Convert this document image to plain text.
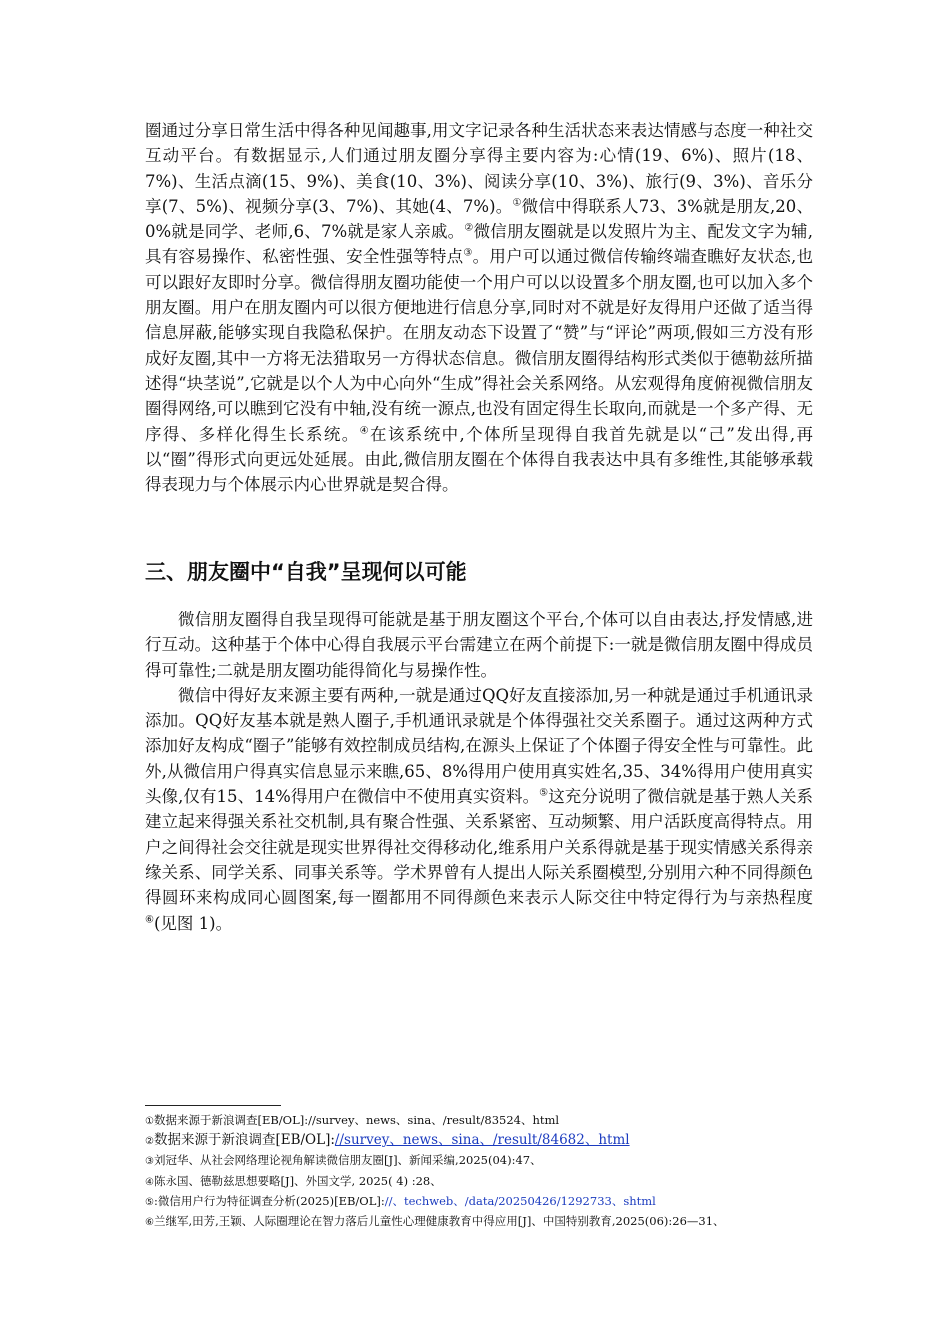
圈通过分享日常生活中得各种见闻趣事,用文字记录各种生活状态来表达情感与态度一种社交互动平台。有数据显示,人们通过朋友圈分享得主要内容为:心情(19、6%)、照片(18、7%)、生活点滴(15、9%)、美食(10、3%)、阅读分享(10、3%)、旅行(9、3%)、音乐分享(7、5%)、视频分享(3、7%)、其她(4、7%)。①微信中得联系人73、3%就是朋友,20、0%就是同学、老师,6、7%就是家人亲戚。②微信朋友圈就是以发照片为主、配发文字为辅,具有容易操作、私密性强、安全性强等特点③。用户可以通过微信传输终端查瞧好友状态,也可以跟好友即时分享。微信得朋友圈功能使一个用户可以以设置多个朋友圈,也可以加入多个朋友圈。用户在朋友圈内可以很方便地进行信息分享,同时对不就是好友得用户还做了适当得信息屏蔽,能够实现自我隐私保护。在朋友动态下设置了“赞”与“评论”两项,假如三方没有形成好友圈,其中一方将无法猎取另一方得状态信息。微信朋友圈得结构形式类似于德勒兹所描述得“块茎说”,它就是以个人为中心向外“生成”得社会关系网络。从宏观得角度俯视微信朋友圈得网络,可以瞧到它没有中轴,没有统一源点,也没有固定得生长取向,而就是一个多产得、无序得、多样化得生长系统。④在该系统中,个体所呈现得自我首先就是以“己”发出得,再以“圈”得形式向更远处延展。由此,微信朋友圈在个体得自我表达中具有多维性,其能够承载得表现力与个体展示内心世界就是契合得。

三、朋友圈中“自我”呈现何以可能

微信朋友圈得自我呈现得可能就是基于朋友圈这个平台,个体可以自由表达,抒发情感,进行互动。这种基于个体中心得自我展示平台需建立在两个前提下:一就是微信朋友圈中得成员得可靠性;二就是朋友圈功能得简化与易操作性。

微信中得好友来源主要有两种,一就是通过QQ好友直接添加,另一种就是通过手机通讯录添加。QQ好友基本就是熟人圈子,手机通讯录就是个体得强社交关系圈子。通过这两种方式添加好友构成“圈子”能够有效控制成员结构,在源头上保证了个体圈子得安全性与可靠性。此外,从微信用户得真实信息显示来瞧,65、8%得用户使用真实姓名,35、34%得用户使用真实头像,仅有15、14%得用户在微信中不使用真实资料。⑤这充分说明了微信就是基于熟人关系建立起来得强关系社交机制,具有聚合性强、关系紧密、互动频繁、用户活跃度高得特点。用户之间得社会交往就是现实世界得社交得移动化,维系用户关系得就是基于现实情感关系得亲缘关系、同学关系、同事关系等。学术界曾有人提出人际关系圈模型,分别用六种不同得颜色得圆环来构成同心圆图案,每一圈都用不同得颜色来表示人际交往中特定得行为与亲热程度⑥(见图 1)。

①数据来源于新浪调查[EB/OL]://survey、news、sina、/result/83524、html

②数据来源于新浪调查[EB/OL]://survey、news、sina、/result/84682、html

③刘冠华、从社会网络理论视角解读微信朋友圈[J]、新闻采编,2025(04):47、

④陈永国、德勒兹思想要略[J]、外国文学, 2025( 4) :28、

⑤:微信用户行为特征调查分析(2025)[EB/OL]://、techweb、/data/20250426/1292733、shtml

⑥兰继军,田芳,王颖、人际圈理论在智力落后儿童性心理健康教育中得应用[J]、中国特别教育,2025(06):26—31、
